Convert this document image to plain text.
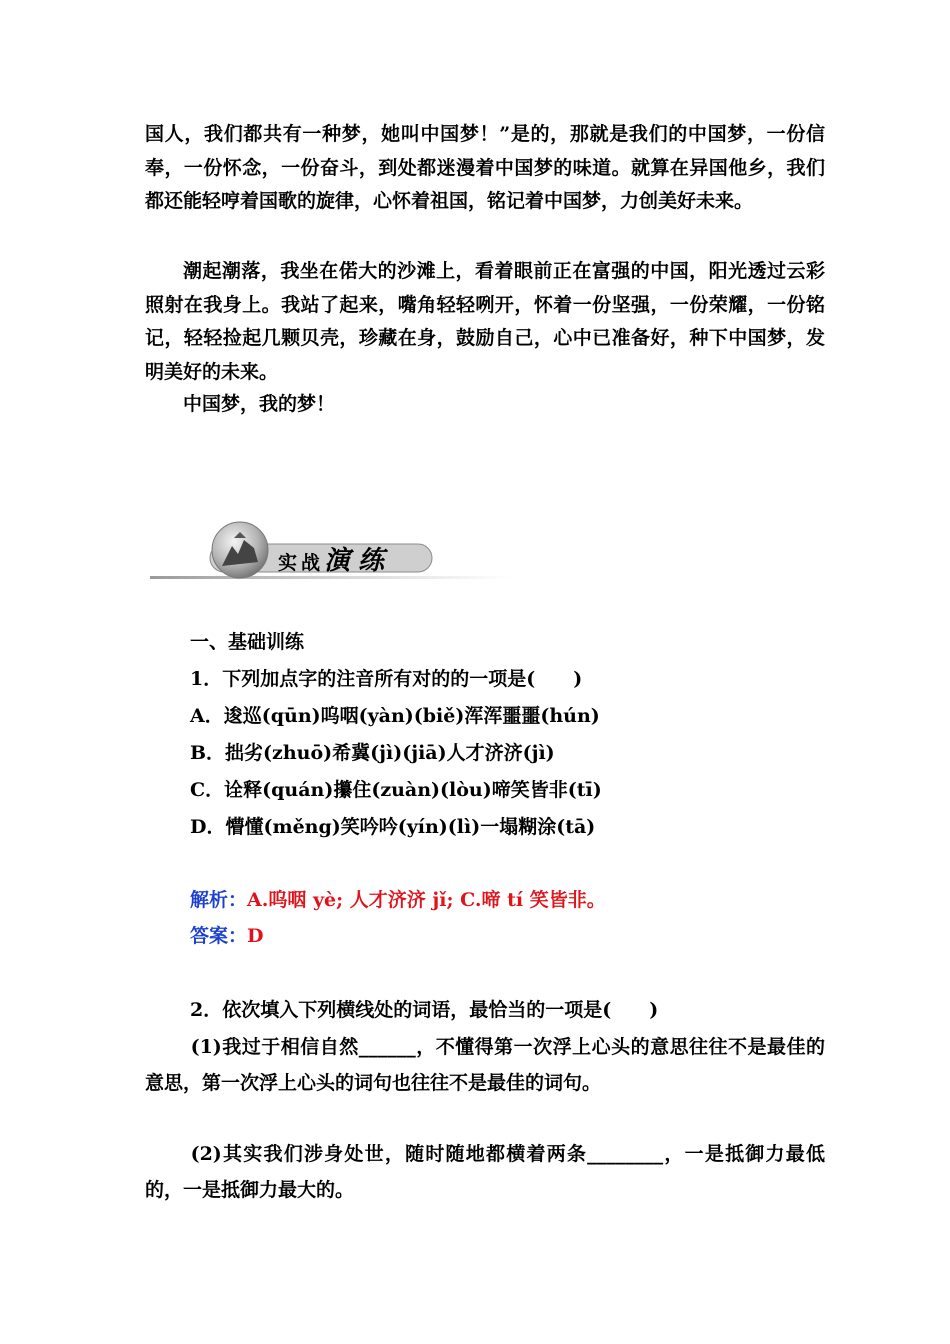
国人，我们都共有一种梦，她叫中国梦！”是的，那就是我们的中国梦，一份信奉，一份怀念，一份奋斗，到处都迷漫着中国梦的味道。就算在异国他乡，我们都还能轻哼着国歌的旋律，心怀着祖国，铭记着中国梦，力创美好未来。
潮起潮落，我坐在偌大的沙滩上，看着眼前正在富强的中国，阳光透过云彩照射在我身上。我站了起来，嘴角轻轻咧开，怀着一份坚强，一份荣耀，一份铭记，轻轻捡起几颗贝壳，珍藏在身，鼓励自己，心中已准备好，种下中国梦，发明美好的未来。
中国梦，我的梦！
实战演练
一、基础训练
1．下列加点字的注音所有对的的一项是(　　)
A．逡巡(qūn)呜咽(yàn)(biě)浑浑噩噩(hún)
B．拙劣(zhuō)希冀(jì)(jiā)人才济济(jì)
C．诠释(quán)攥住(zuàn)(lòu)啼笑皆非(tī)
D．懵懂(měng)笑吟吟(yín)(lì)一塌糊涂(tā)
解析：A.呜咽 yè; 人才济济 jǐ; C.啼 tí 笑皆非。
答案：D
2．依次填入下列横线处的词语，最恰当的一项是(　　)
(1)我过于相信自然______，不懂得第一次浮上心头的意思往往不是最佳的意思，第一次浮上心头的词句也往往不是最佳的词句。
(2)其实我们涉身处世，随时随地都横着两条________，一是抵御力最低的，一是抵御力最大的。
